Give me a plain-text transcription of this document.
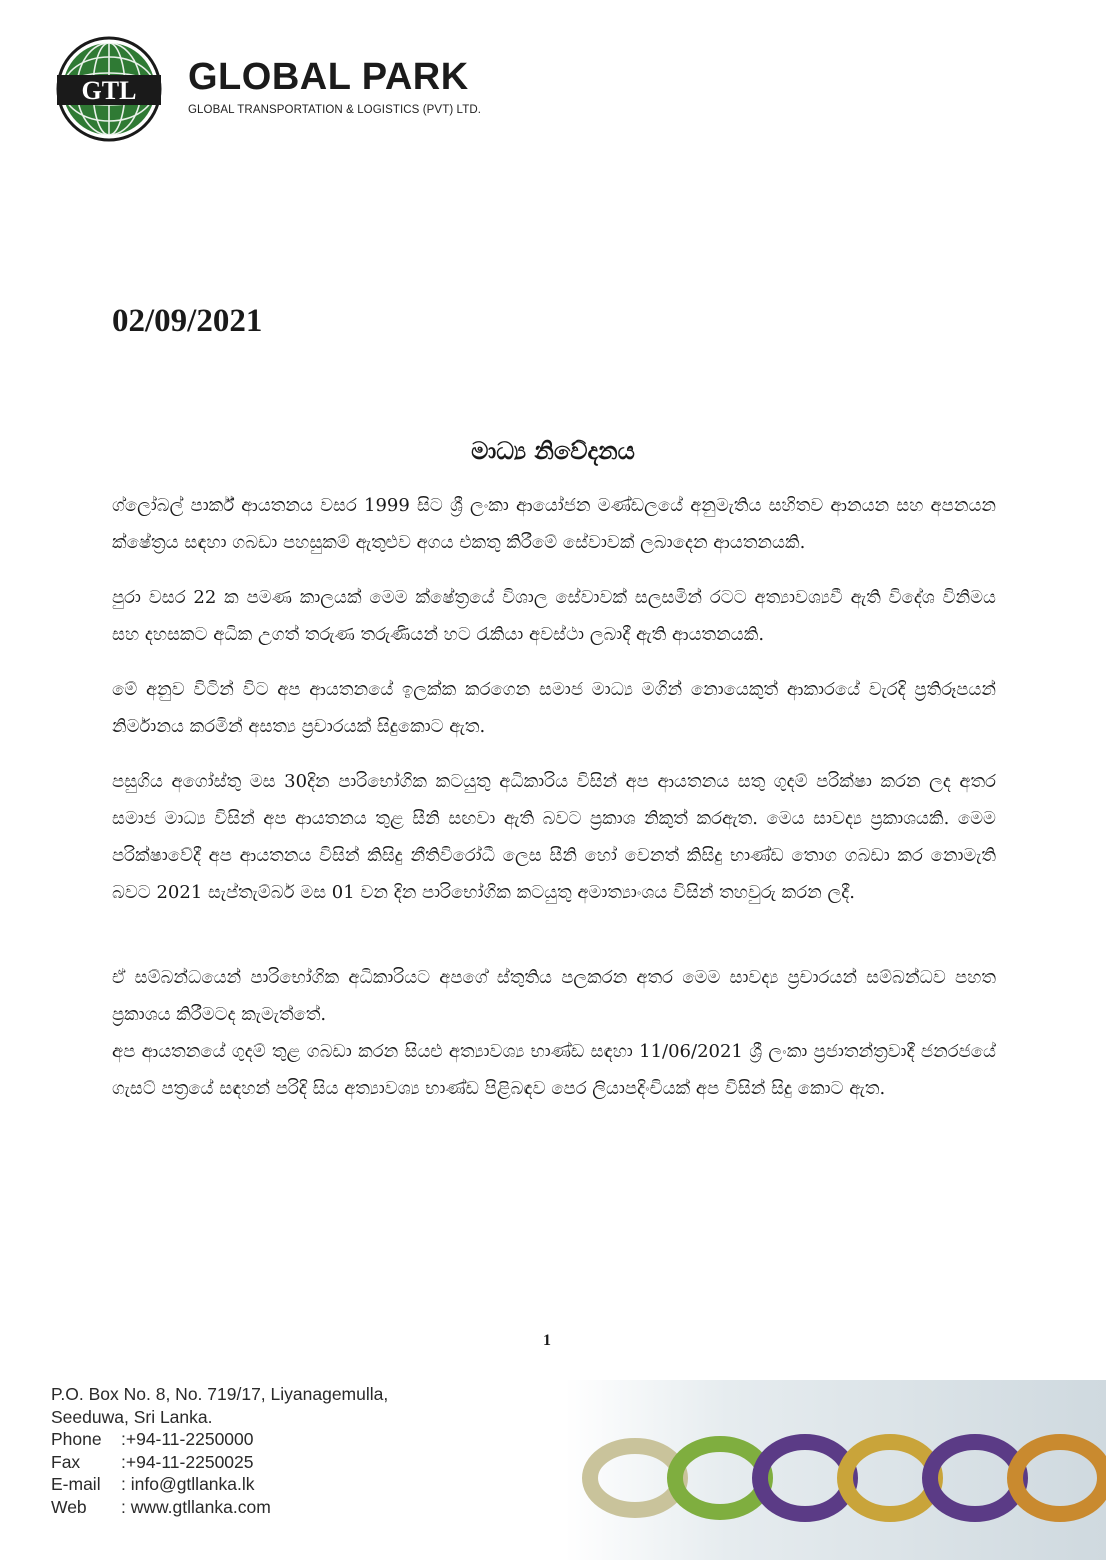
GTL GLOBAL PARK
GLOBAL TRANSPORTATION & LOGISTICS (PVT) LTD.
02/09/2021
මාධ්‍ය නිවේදනය

ග්ලෝබල් පාර්ක් ආයතනය වසර 1999 සිට ශ්‍රී ලංකා ආයෝජන මණ්ඩලයේ අනුමැතිය සහිතව ආනයන සහ අපනයන ක්ෂේත්‍රය සඳහා ගබඩා පහසුකම් ඇතුළුව අගය එකතු කිරීමේ සේවාවක් ලබාදෙන ආයතනයකි.

පුරා වසර 22 ක පමණ කාලයක් මෙම ක්ෂේත්‍රයේ විශාල සේවාවක් සලසමින් රටට අත්‍යාවශ්‍යවී ඇති විදේශ විනිමය සහ දහසකට අධික උගත් තරුණ තරුණියන් හට රැකියා අවස්ථා ලබාදී ඇති ආයතනයකි.

මේ අනුව විටින් විට අප ආයතනයේ ඉලක්ක කරගෙන සමාජ මාධ්‍ය මගින් නොයෙකුත් ආකාරයේ වැරදි ප්‍රතිරූපයන් නිර්මානය කරමින් අසත්‍ය ප්‍රචාරයක් සිදුකොට ඇත.

පසුගිය අගෝස්තු මස 30දින පාරිභෝගික කටයුතු අධිකාරිය විසින් අප ආයතනය සතු ගුදම් පරික්ෂා කරන ලද අතර සමාජ මාධ්‍ය විසින් අප ආයතනය තුළ සීනි සඟවා ඇති බවට ප්‍රකාශ නිකුත් කරඇත. මෙය සාවද්‍ය ප්‍රකාශයකි. මෙම පරික්ෂාවේදී අප ආයතනය විසින් කිසිදු නීතිවිරෝධී ලෙස සීනි හෝ වෙනත් කිසිදු භාණ්ඩ තොග ගබඩා කර නොමැති බවට 2021 සැප්තැම්බර් මස 01 වන දින පාරිභෝගික කටයුතු අමාත්‍යාංශය විසින් තහවුරු කරන ලදී.

ඒ සම්බන්ධයෙන් පාරිභෝගික අධිකාරියට අපගේ ස්තුතිය පලකරන අතර මෙම සාවද්‍ය ප්‍රචාරයන් සම්බන්ධව පහත ප්‍රකාශය කිරීමටද කැමැත්තේ.

අප ආයතනයේ ගුදම් තුළ ගබඩා කරන සියළු අත්‍යාවශ්‍ය භාණ්ඩ සඳහා 11/06/2021 ශ්‍රී ලංකා ප්‍රජාතන්ත්‍රවාදී ජනරජයේ ගැසට් පත්‍රයේ සඳහන් පරිදි සිය අත්‍යාවශ්‍ය භාණ්ඩ පිළිබඳව පෙර ලියාපදිංචියක් අප විසින් සිදු කොට ඇත.

1
P.O. Box No. 8, No. 719/17, Liyanagemulla,
Seeduwa, Sri Lanka.
Phone	:+94-11-2250000
Fax	:+94-11-2250025
E-mail	: info@gtllanka.lk
Web	: www.gtllanka.com
